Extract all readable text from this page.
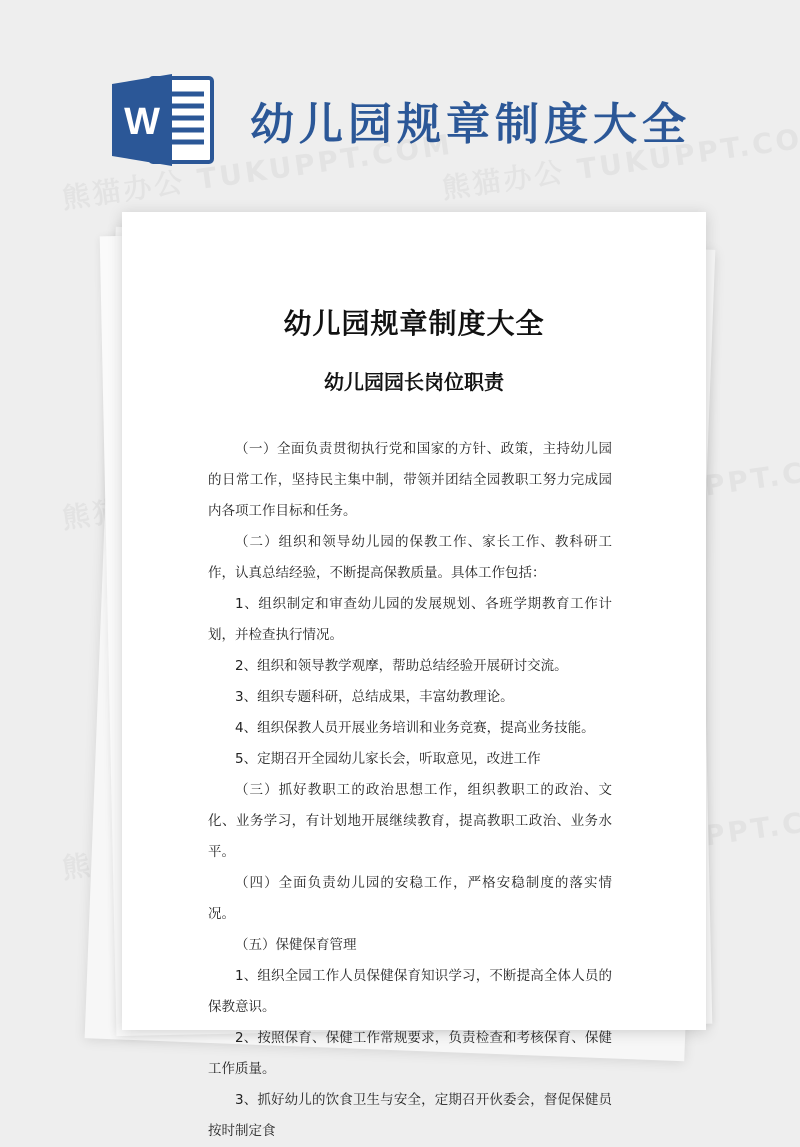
W 幼儿园规章制度大全
幼儿园规章制度大全
幼儿园园长岗位职责

（一）全面负责贯彻执行党和国家的方针、政策，主持幼儿园的日常工作，坚持民主集中制，带领并团结全园教职工努力完成园内各项工作目标和任务。

（二）组织和领导幼儿园的保教工作、家长工作、教科研工作，认真总结经验，不断提高保教质量。具体工作包括：

1、组织制定和审查幼儿园的发展规划、各班学期教育工作计划，并检查执行情况。

2、组织和领导教学观摩，帮助总结经验开展研讨交流。

3、组织专题科研，总结成果，丰富幼教理论。

4、组织保教人员开展业务培训和业务竞赛，提高业务技能。

5、定期召开全园幼儿家长会，听取意见，改进工作

（三）抓好教职工的政治思想工作，组织教职工的政治、文化、业务学习，有计划地开展继续教育，提高教职工政治、业务水平。

（四）全面负责幼儿园的安稳工作，严格安稳制度的落实情况。

（五）保健保育管理

1、组织全园工作人员保健保育知识学习，不断提高全体人员的保教意识。

2、按照保育、保健工作常规要求，负责检查和考核保育、保健工作质量。

3、抓好幼儿的饮食卫生与安全，定期召开伙委会，督促保健员按时制定食
